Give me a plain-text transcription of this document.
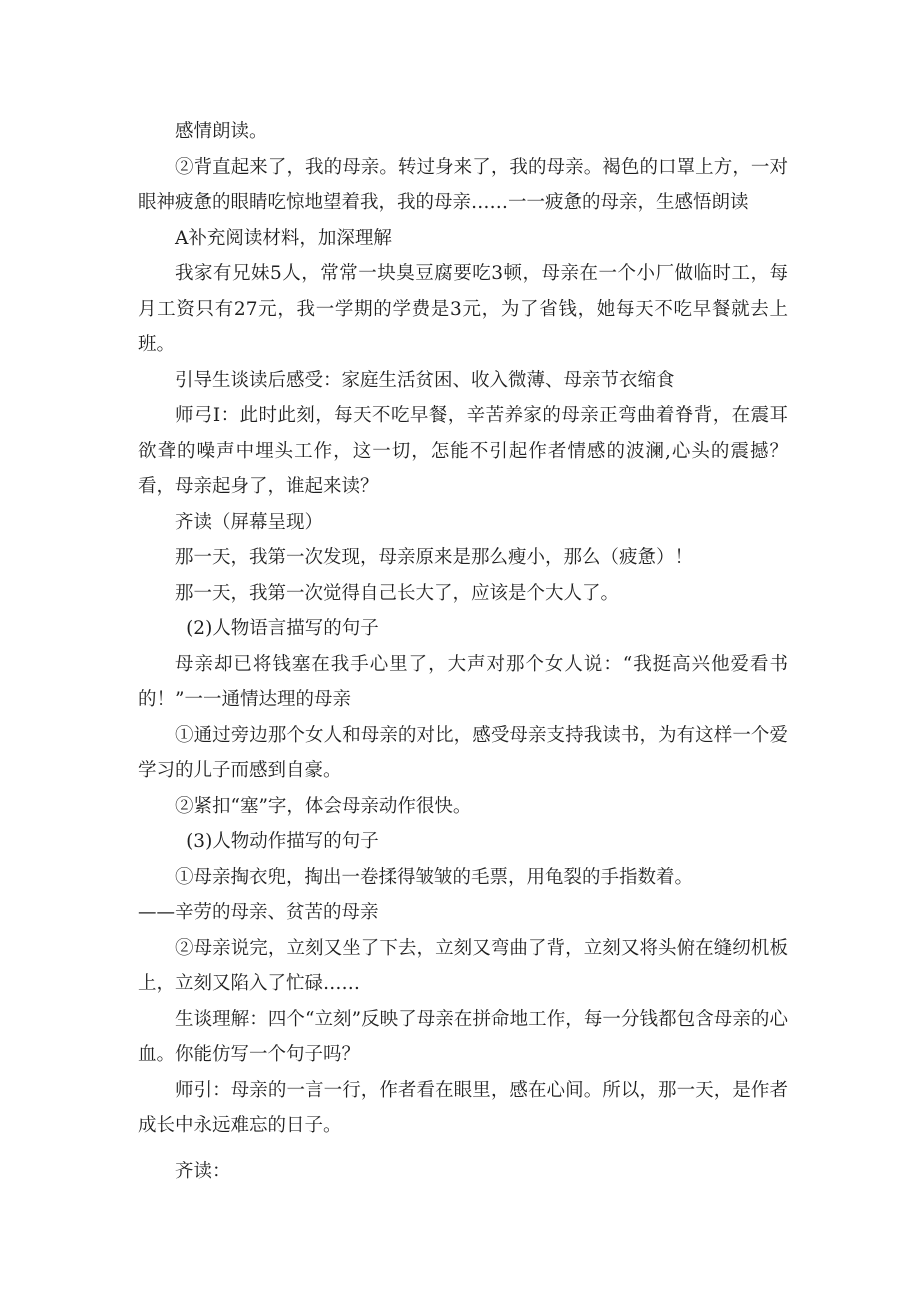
感情朗读。

②背直起来了，我的母亲。转过身来了，我的母亲。褐色的口罩上方，一对眼神疲惫的眼睛吃惊地望着我，我的母亲……一一疲惫的母亲，生感悟朗读

A补充阅读材料，加深理解

我家有兄妹5人，常常一块臭豆腐要吃3顿，母亲在一个小厂做临时工，每月工资只有27元，我一学期的学费是3元，为了省钱，她每天不吃早餐就去上班。

引导生谈读后感受：家庭生活贫困、收入微薄、母亲节衣缩食

师弓I：此时此刻，每天不吃早餐，辛苦养家的母亲正弯曲着脊背，在震耳欲聋的噪声中埋头工作，这一切，怎能不引起作者情感的波澜,心头的震撼？看，母亲起身了，谁起来读？

齐读（屏幕呈现）

那一天，我第一次发现，母亲原来是那么瘦小，那么（疲惫）！

那一天，我第一次觉得自己长大了，应该是个大人了。

(2)人物语言描写的句子

母亲却已将钱塞在我手心里了，大声对那个女人说：“我挺高兴他爱看书的！”一一通情达理的母亲

①通过旁边那个女人和母亲的对比，感受母亲支持我读书，为有这样一个爱学习的儿子而感到自豪。

②紧扣“塞”字，体会母亲动作很快。

(3)人物动作描写的句子

①母亲掏衣兜，掏出一卷揉得皱皱的毛票，用龟裂的手指数着。

——辛劳的母亲、贫苦的母亲

②母亲说完，立刻又坐了下去，立刻又弯曲了背，立刻又将头俯在缝纫机板上，立刻又陷入了忙碌……

生谈理解：四个“立刻”反映了母亲在拼命地工作，每一分钱都包含母亲的心血。你能仿写一个句子吗？

师引：母亲的一言一行，作者看在眼里，感在心间。所以，那一天，是作者成长中永远难忘的日子。

齐读：
